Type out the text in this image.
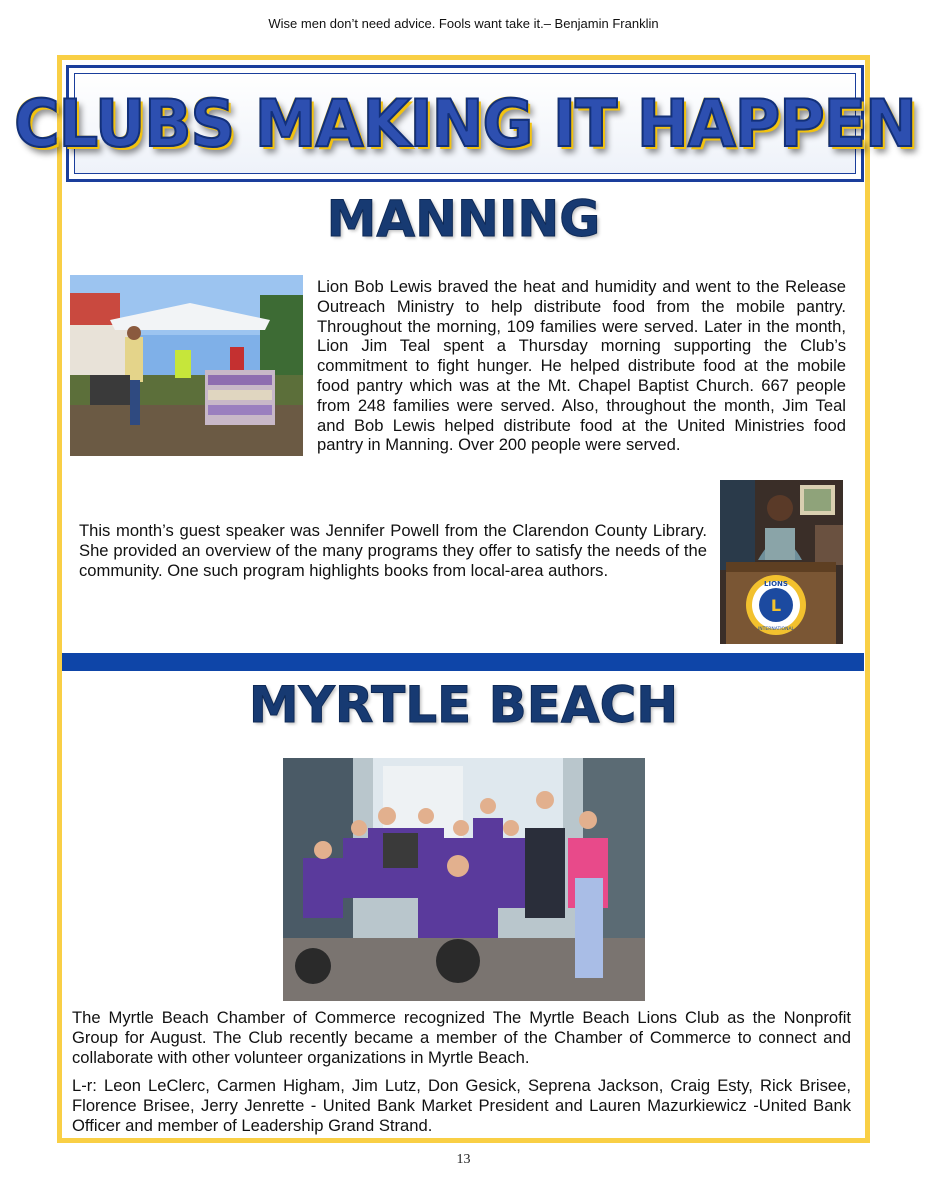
Wise men don’t need advice. Fools want take it.– Benjamin Franklin
CLUBS MAKING IT HAPPEN
MANNING
Lion Bob Lewis braved the heat and humidity and went to the Release Outreach Ministry to help distribute food from the mobile pantry. Throughout the morning, 109 families were served. Later in the month, Lion Jim Teal spent a Thursday morning supporting the Club’s commitment to fight hunger. He helped distribute food at the mobile food pantry which was at the Mt. Chapel Baptist Church. 667 people from 248 families were served. Also, throughout the month, Jim Teal and Bob Lewis helped distribute food at the United Ministries food pantry in Manning. Over 200 people were served.
This month’s guest speaker was Jennifer Powell from the Clarendon County Library. She provided an overview of the many programs they offer to satisfy the needs of the community. One such program highlights books from local-area authors.
L
LIONS
INTERNATIONAL
MYRTLE BEACH
The Myrtle Beach Chamber of Commerce recognized The Myrtle Beach Lions Club as the Nonprofit Group for August. The Club recently became a member of the Chamber of Commerce to connect and collaborate with other volunteer organizations in Myrtle Beach.
L-r: Leon LeClerc, Carmen Higham, Jim Lutz, Don Gesick, Seprena Jackson, Craig Esty, Rick Brisee, Florence Brisee, Jerry Jenrette - United Bank Market President and Lauren Mazurkiewicz -United Bank Officer and member of Leadership Grand Strand.
13
